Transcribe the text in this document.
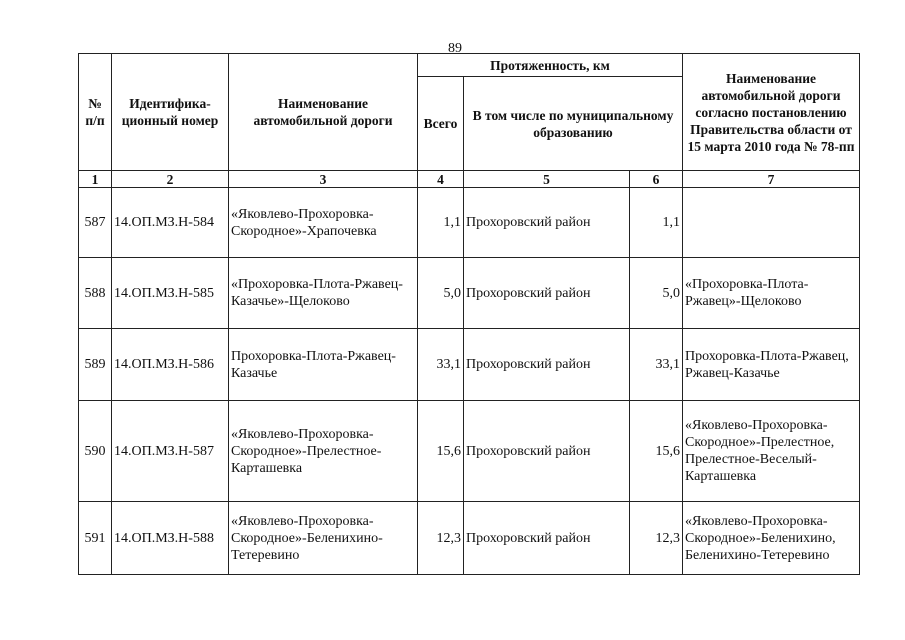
89
№ п/п	Идентифика-ционный номер	Наименование автомобильной дороги	Протяженность, км			Наименование автомобильной дороги согласно постановлению Правительства области от 15 марта 2010 года № 78-пп
			Всего	В том числе по муниципальному образованию		
1	2	3	4	5	6	7
587	14.ОП.МЗ.Н-584	«Яковлево-Прохоровка-Скородное»-Храпочевка	1,1	Прохоровский район	1,1	
588	14.ОП.МЗ.Н-585	«Прохоровка-Плота-Ржавец-Казачье»-Щелоково	5,0	Прохоровский район	5,0	«Прохоровка-Плота-Ржавец»-Щелоково
589	14.ОП.МЗ.Н-586	Прохоровка-Плота-Ржавец-Казачье	33,1	Прохоровский район	33,1	Прохоровка-Плота-Ржавец, Ржавец-Казачье
590	14.ОП.МЗ.Н-587	«Яковлево-Прохоровка-Скородное»-Прелестное-Карташевка	15,6	Прохоровский район	15,6	«Яковлево-Прохоровка-Скородное»-Прелестное, Прелестное-Веселый-Карташевка
591	14.ОП.МЗ.Н-588	«Яковлево-Прохоровка-Скородное»-Беленихино-Тетеревино	12,3	Прохоровский район	12,3	«Яковлево-Прохоровка-Скородное»-Беленихино, Беленихино-Тетеревино
